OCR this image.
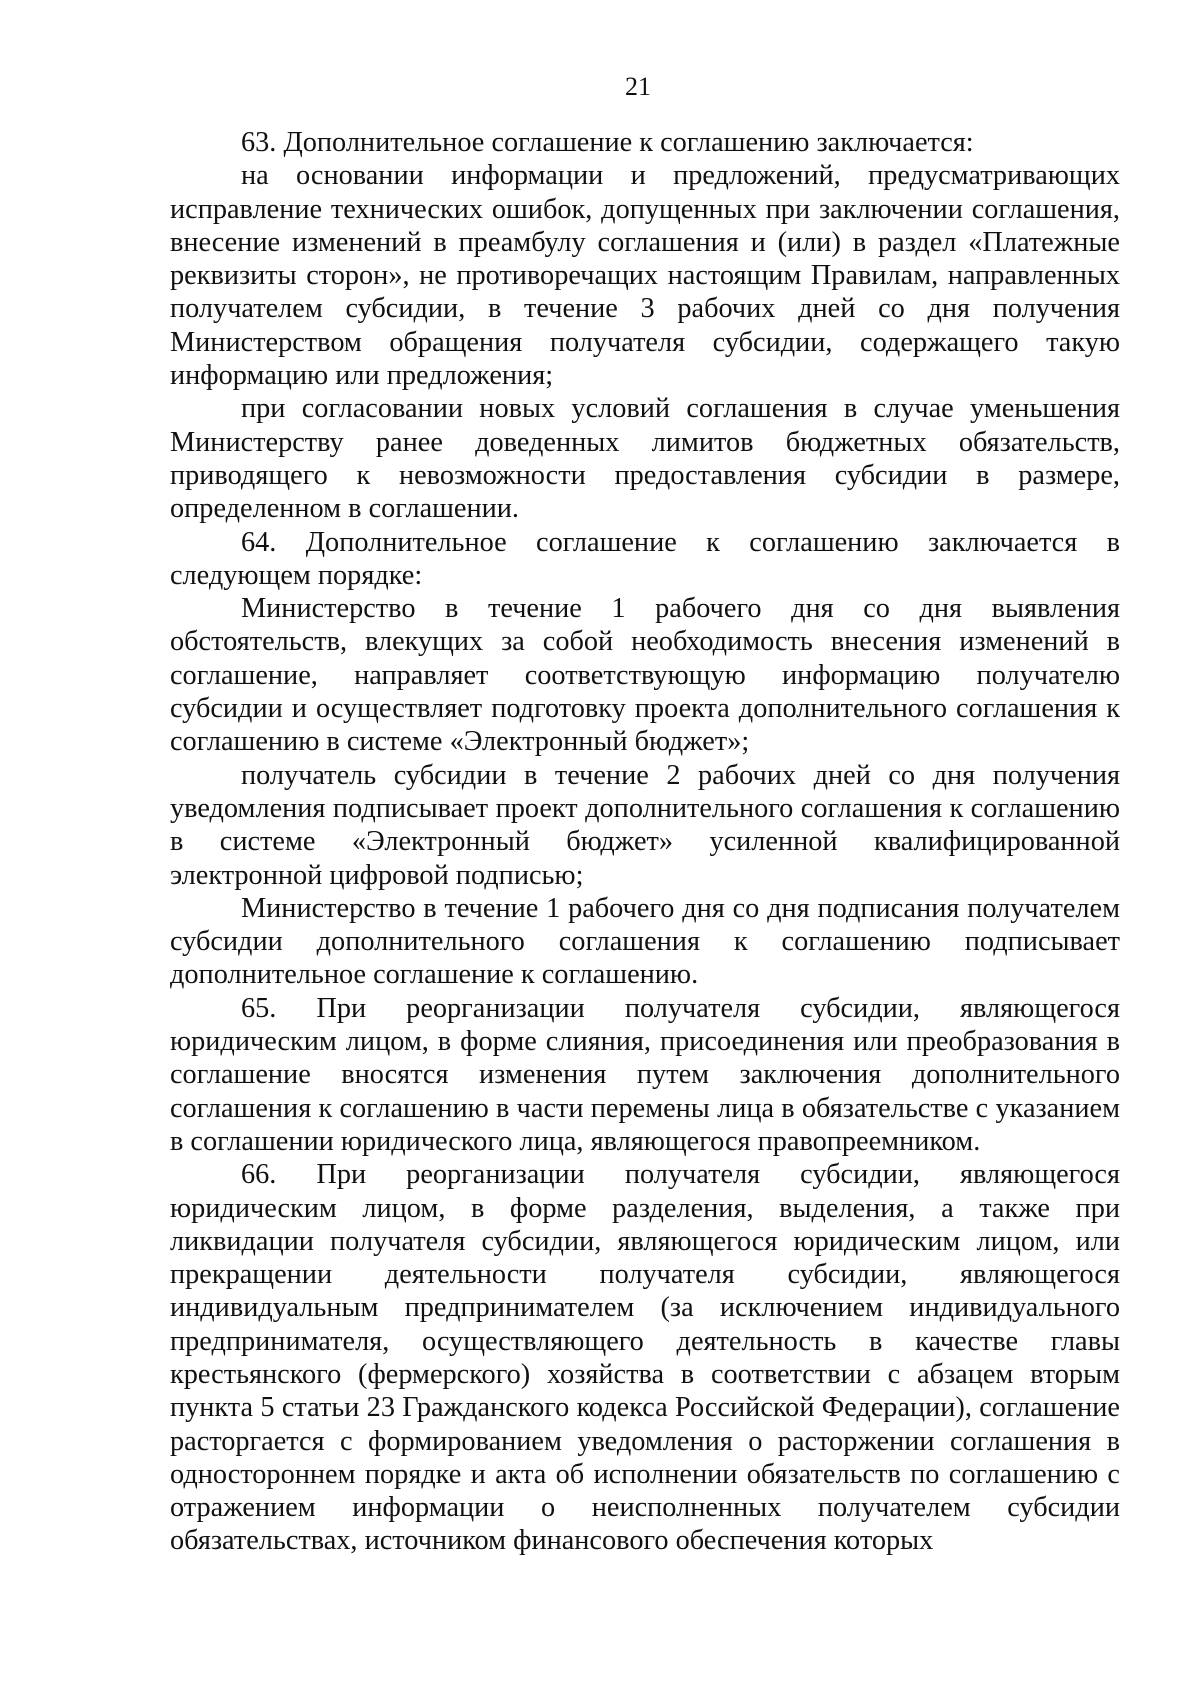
21

63. Дополнительное соглашение к соглашению заключается:

на основании информации и предложений, предусматривающих исправление технических ошибок, допущенных при заключении соглашения, внесение изменений в преамбулу соглашения и (или) в раздел «Платежные реквизиты сторон», не противоречащих настоящим Правилам, направленных получателем субсидии, в течение 3 рабочих дней со дня получения Министерством обращения получателя субсидии, содержащего такую информацию или предложения;

при согласовании новых условий соглашения в случае уменьшения Министерству ранее доведенных лимитов бюджетных обязательств, приводящего к невозможности предоставления субсидии в размере, определенном в соглашении.

64. Дополнительное соглашение к соглашению заключается в следующем порядке:

Министерство в течение 1 рабочего дня со дня выявления обстоятельств, влекущих за собой необходимость внесения изменений в соглашение, направляет соответствующую информацию получателю субсидии и осуществляет подготовку проекта дополнительного соглашения к соглашению в системе «Электронный бюджет»;

получатель субсидии в течение 2 рабочих дней со дня получения уведомления подписывает проект дополнительного соглашения к соглашению в системе «Электронный бюджет» усиленной квалифицированной электронной цифровой подписью;

Министерство в течение 1 рабочего дня со дня подписания получателем субсидии дополнительного соглашения к соглашению подписывает дополнительное соглашение к соглашению.

65. При реорганизации получателя субсидии, являющегося юридическим лицом, в форме слияния, присоединения или преобразования в соглашение вносятся изменения путем заключения дополнительного соглашения к соглашению в части перемены лица в обязательстве с указанием в соглашении юридического лица, являющегося правопреемником.

66. При реорганизации получателя субсидии, являющегося юридическим лицом, в форме разделения, выделения, а также при ликвидации получателя субсидии, являющегося юридическим лицом, или прекращении деятельности получателя субсидии, являющегося индивидуальным предпринимателем (за исключением индивидуального предпринимателя, осуществляющего деятельность в качестве главы крестьянского (фермерского) хозяйства в соответствии с абзацем вторым пункта 5 статьи 23 Гражданского кодекса Российской Федерации), соглашение расторгается с формированием уведомления о расторжении соглашения в одностороннем порядке и акта об исполнении обязательств по соглашению с отражением информации о неисполненных получателем субсидии обязательствах, источником финансового обеспечения которых
